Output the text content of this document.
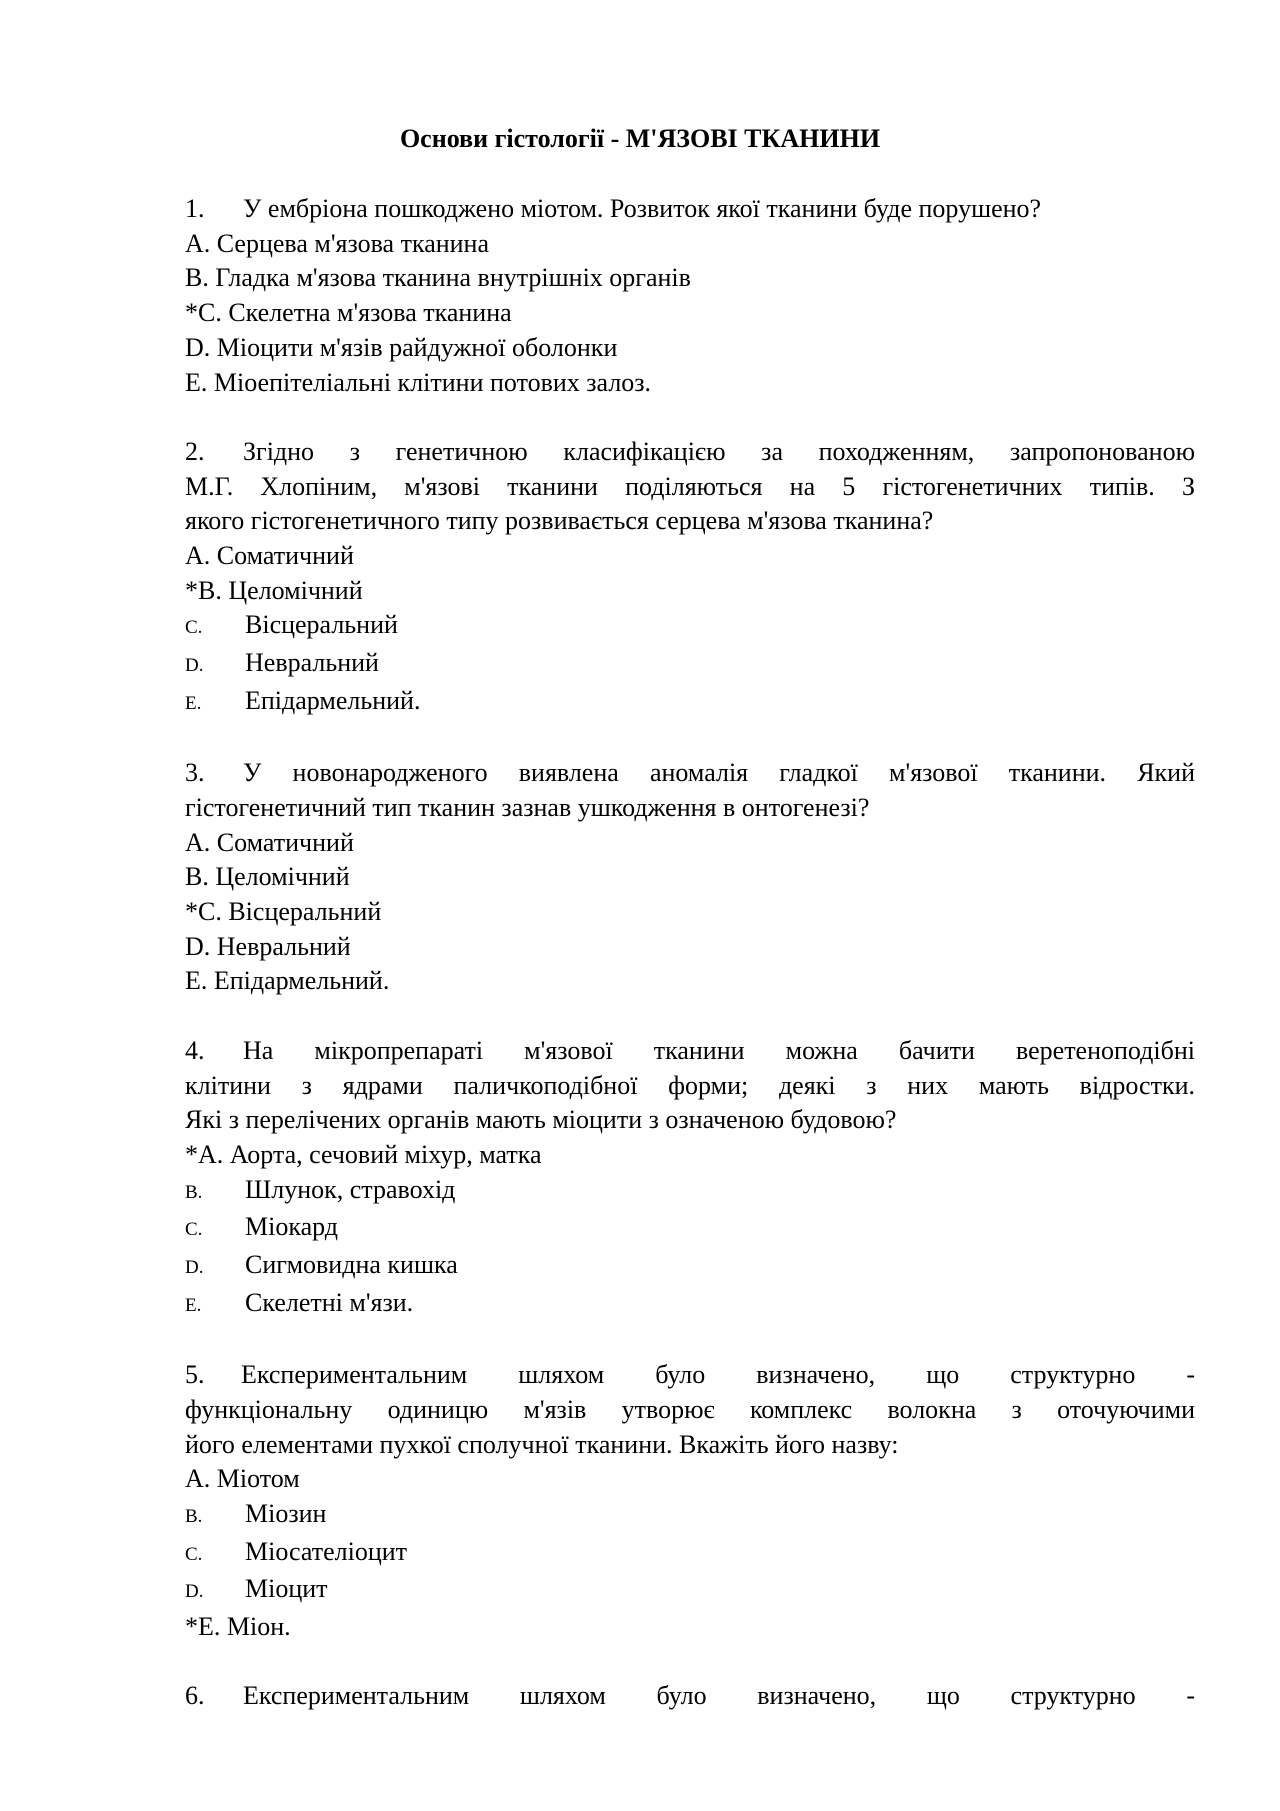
Основи гістології - М'ЯЗОВІ ТКАНИНИ

1. У ембріона пошкоджено міотом. Розвиток якої тканини буде порушено?

A. Серцева м'язова тканина

B. Гладка м'язова тканина внутрішніх органів

*C. Скелетна м'язова тканина

D. Міоцити м'язів райдужної оболонки

E. Міоепітеліальні клітини потових залоз.

2. Згідно з генетичною класифікацією за походженням, запропонованою

М.Г. Хлопіним, м'язові тканини поділяються на 5 гістогенетичних типів. З

якого гістогенетичного типу розвивається серцева м'язова тканина?

A. Соматичний

*B. Целомічний

C. Вісцеральний

D. Невральний

E. Епідармельний.

3. У новонародженого виявлена аномалія гладкої м'язової тканини. Який

гістогенетичний тип тканин зазнав ушкодження в онтогенезі?

A. Соматичний

B. Целомічний

*C. Вісцеральний

D. Невральний

E. Епідармельний.

4. На мікропрепараті м'язової тканини можна бачити веретеноподібні

клітини з ядрами паличкоподібної форми; деякі з них мають відростки.

Які з перелічених органів мають міоцити з означеною будовою?

*A. Аорта, сечовий міхур, матка

B. Шлунок, стравохід

C. Міокард

D. Сигмовидна кишка

E. Скелетні м'язи.

5. Експериментальним шляхом було визначено, що структурно -

функціональну одиницю м'язів утворює комплекс волокна з оточуючими

його елементами пухкої сполучної тканини. Вкажіть його назву:

A. Міотом

B. Міозин

C. Міосателіоцит

D. Міоцит

*E. Міон.

6. Експериментальним шляхом було визначено, що структурно -
